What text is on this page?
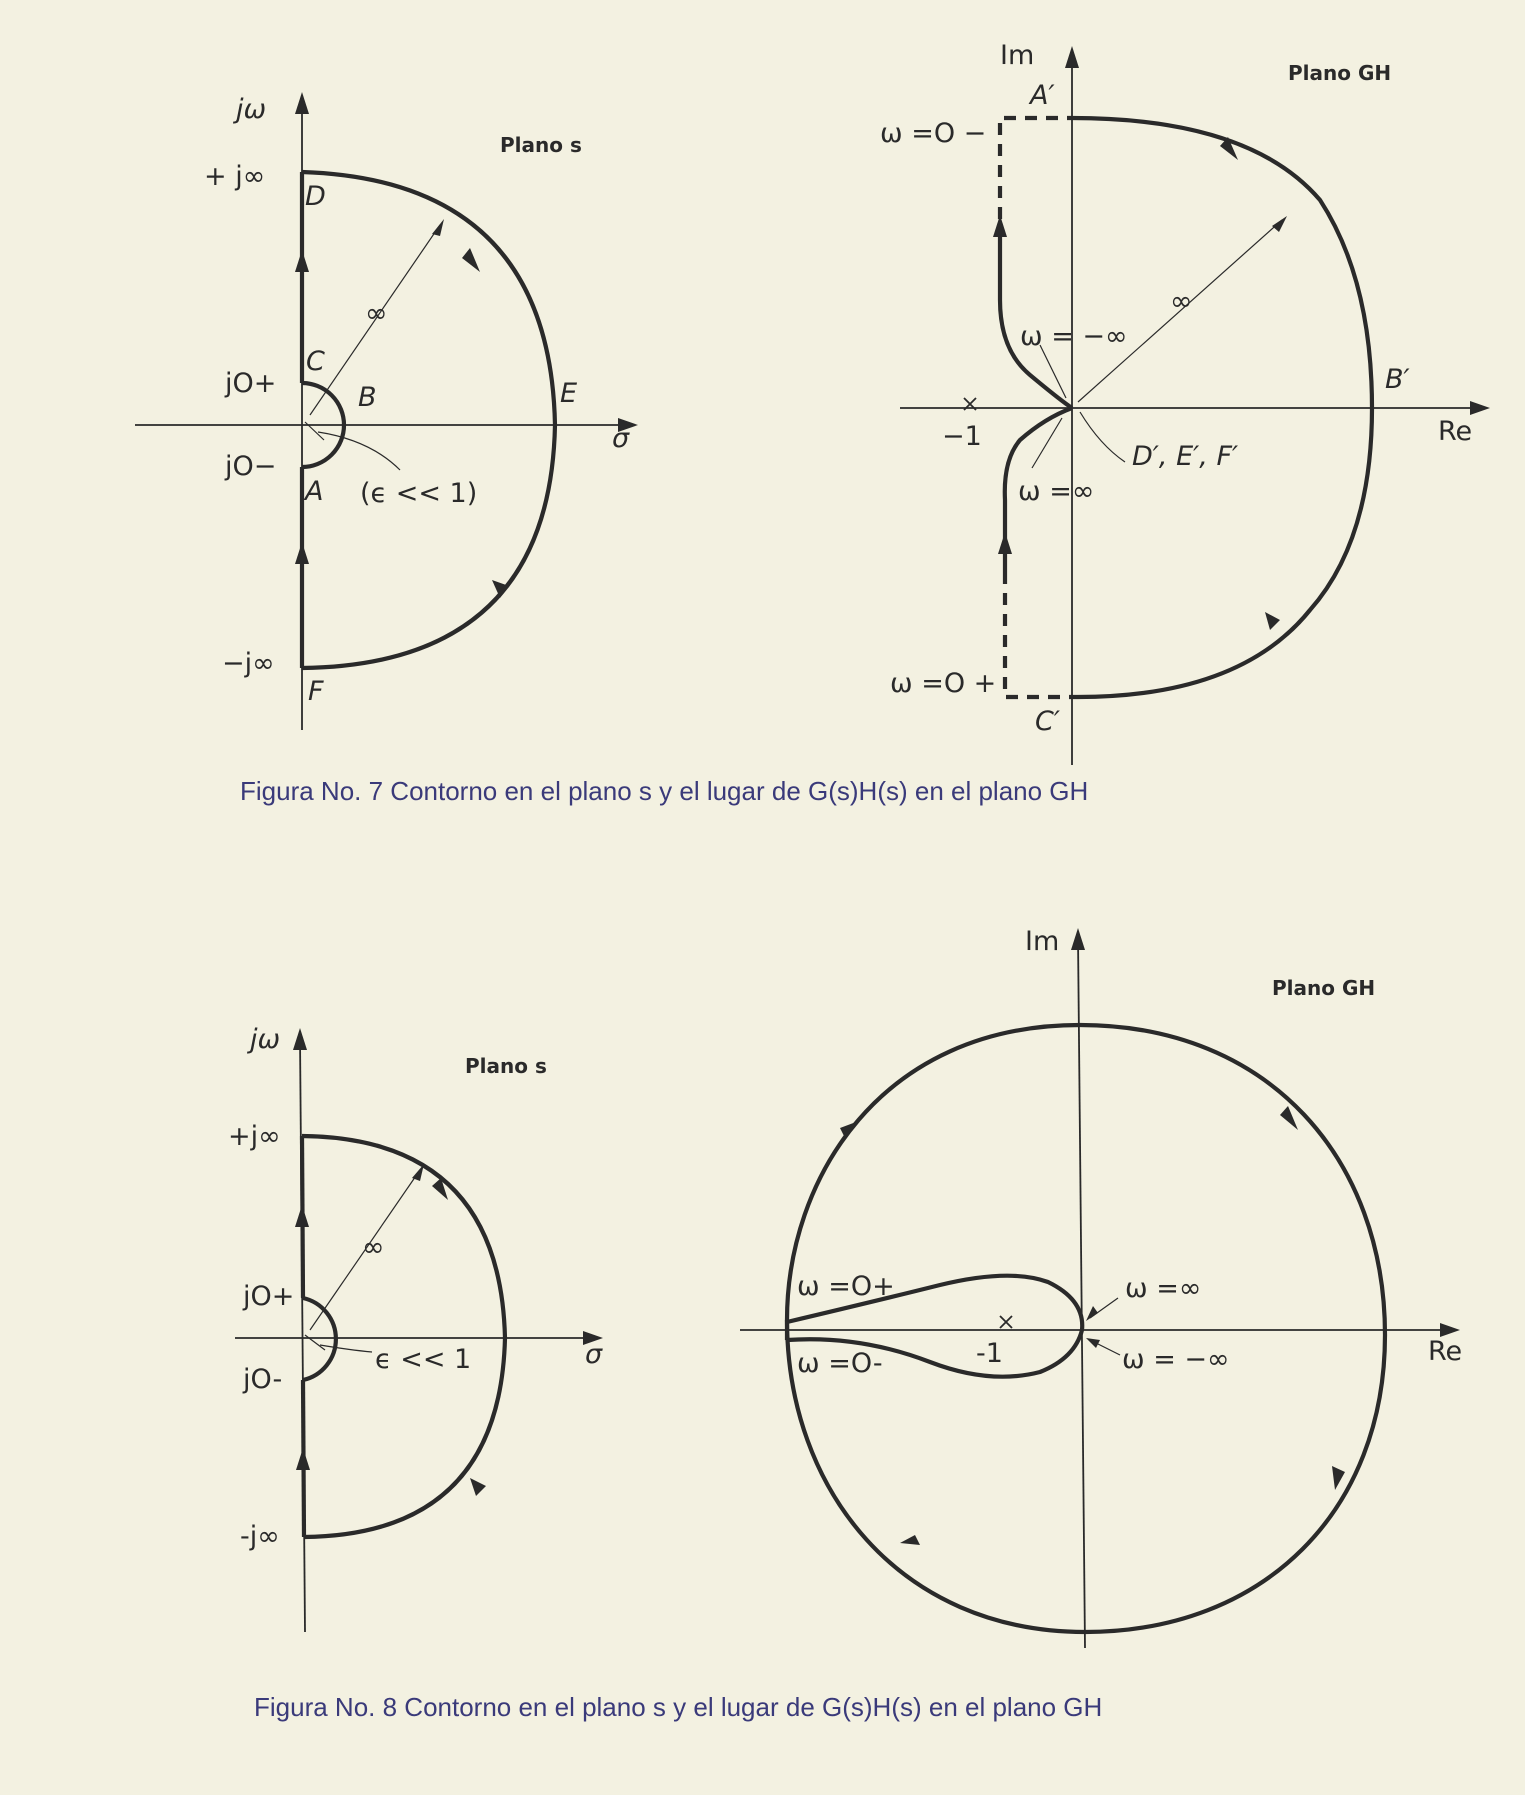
jω
σ
Plano s
+ j∞
−j∞
jO+
jO−
A
B
C
D
E
F
∞
(ϵ << 1)
Im
Re
Plano GH
A′
B′
C′
D′, E′, F′
ω =O −
ω =O +
ω = −∞
ω =∞
−1
∞
jω
σ
Plano s
+j∞
-j∞
jO+
jO-
∞
ϵ << 1
Im
Re
Plano GH
ω =O+
ω =O-
ω =∞
ω = −∞
-1
Figura No. 7 Contorno en el plano s y el lugar de G(s)H(s) en el plano GH
Figura No. 8 Contorno en el plano s y el lugar de G(s)H(s) en el plano GH
